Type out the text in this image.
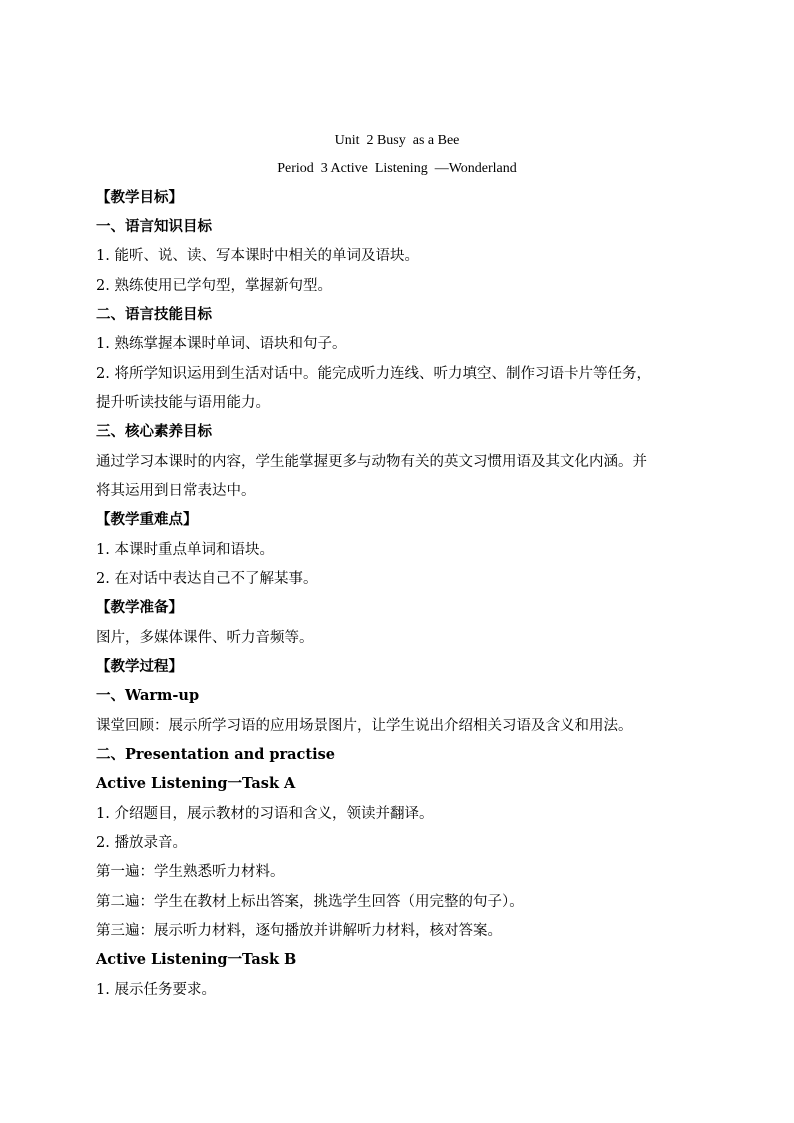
Unit  2 Busy  as a Bee
Period  3 Active  Listening  —Wonderland
【教学目标】
一、语言知识目标
1. 能听、说、读、写本课时中相关的单词及语块。
2. 熟练使用已学句型，掌握新句型。
二、语言技能目标
1. 熟练掌握本课时单词、语块和句子。
2. 将所学知识运用到生活对话中。能完成听力连线、听力填空、制作习语卡片等任务，
提升听读技能与语用能力。
三、核心素养目标
通过学习本课时的内容，学生能掌握更多与动物有关的英文习惯用语及其文化内涵。并
将其运用到日常表达中。
【教学重难点】
1. 本课时重点单词和语块。
2. 在对话中表达自己不了解某事。
【教学准备】
图片，多媒体课件、听力音频等。
【教学过程】
一、Warm-up
课堂回顾：展示所学习语的应用场景图片，让学生说出介绍相关习语及含义和用法。
二、Presentation and practise
Active Listening一Task A
1. 介绍题目，展示教材的习语和含义，领读并翻译。
2. 播放录音。
第一遍：学生熟悉听力材料。
第二遍：学生在教材上标出答案，挑选学生回答（用完整的句子）。
第三遍：展示听力材料，逐句播放并讲解听力材料，核对答案。
Active Listening一Task B
1. 展示任务要求。
